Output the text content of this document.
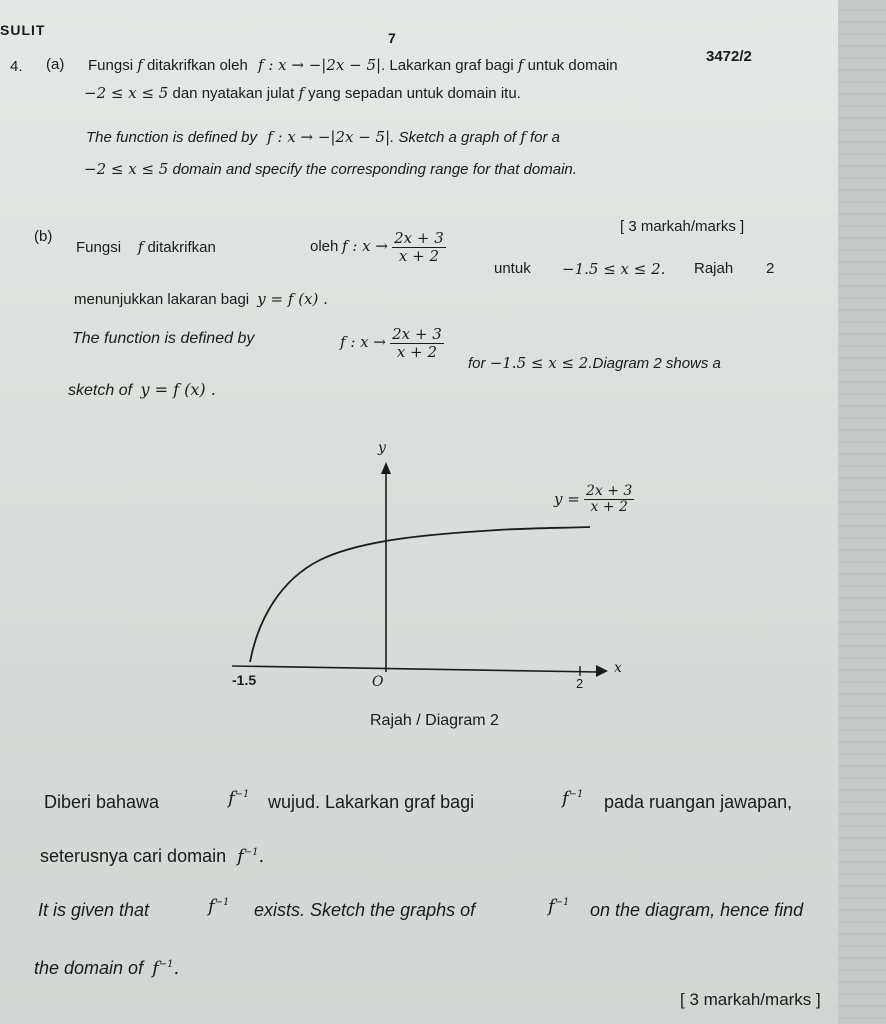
SULIT	7
3472/2
4. (a) Fungsi f ditakrifkan oleh f : x → −|2x − 5|. Lakarkan graf bagi f untuk domain
−2 ≤ x ≤ 5 dan nyatakan julat f yang sepadan untuk domain itu.
The function is defined by f : x → −|2x − 5|. Sketch a graph of f for a
−2 ≤ x ≤ 5 domain and specify the corresponding range for that domain.
[ 3 markah/marks ]
(b)
Fungsi f ditakrifkan	oleh f : $x \to \frac{2x + 3}{x + 2}$
untuk −1.5 ≤ x ≤ 2. Rajah 2
menunjukkan lakaran bagi y = f (x) .
The function is defined by	f : $x \to \frac{2x + 3}{x + 2}$
for −1.5 ≤ x ≤ 2.Diagram 2 shows a
sketch of y = f (x) .
y
x
$y = \frac{2x + 3}{x + 2}$
-1.5	O	2
Rajah / Diagram 2
Diberi bahawa	$f^{-1}$ wujud. Lakarkan graf bagi	$f^{-1}$ pada ruangan jawapan,
seterusnya cari domain $f^{-1}$.
It is given that	$f^{-1}$ exists. Sketch the graphs of	$f^{-1}$ on the diagram, hence find
the domain of $f^{-1}$.
[ 3 markah/marks ]
